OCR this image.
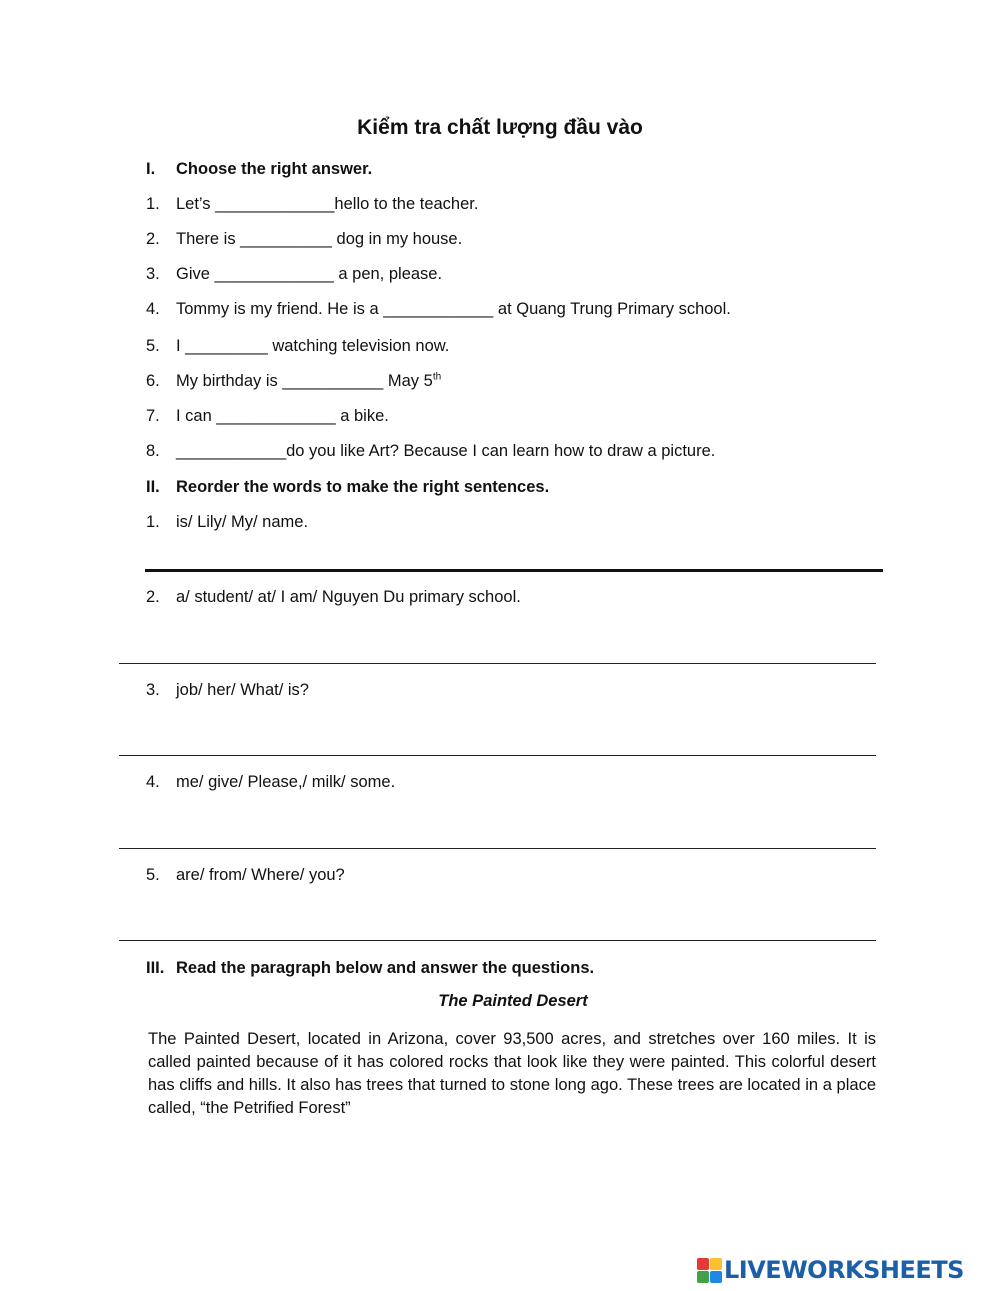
Kiểm tra chất lượng đầu vào
I. Choose the right answer.
1. Let’s _____________hello to the teacher.
2. There is __________ dog in my house.
3. Give _____________ a pen, please.
4. Tommy is my friend. He is a ____________ at Quang Trung Primary school.
5. I _________ watching television now.
6. My birthday is ___________ May 5th
7. I can _____________ a bike.
8. ____________do you like Art? Because I can learn how to draw a picture.
II. Reorder the words to make the right sentences.
1. is/ Lily/ My/ name.
2. a/ student/ at/ I am/ Nguyen Du primary school.
3. job/ her/ What/ is?
4. me/ give/ Please,/ milk/ some.
5. are/ from/ Where/ you?
III. Read the paragraph below and answer the questions.
The Painted Desert
The Painted Desert, located in Arizona, cover 93,500 acres, and stretches over 160 miles. It is called painted because of it has colored rocks that look like they were painted. This colorful desert has cliffs and hills. It also has trees that turned to stone long ago. These trees are located in a place called, “the Petrified Forest”
LIVEWORKSHEETS
